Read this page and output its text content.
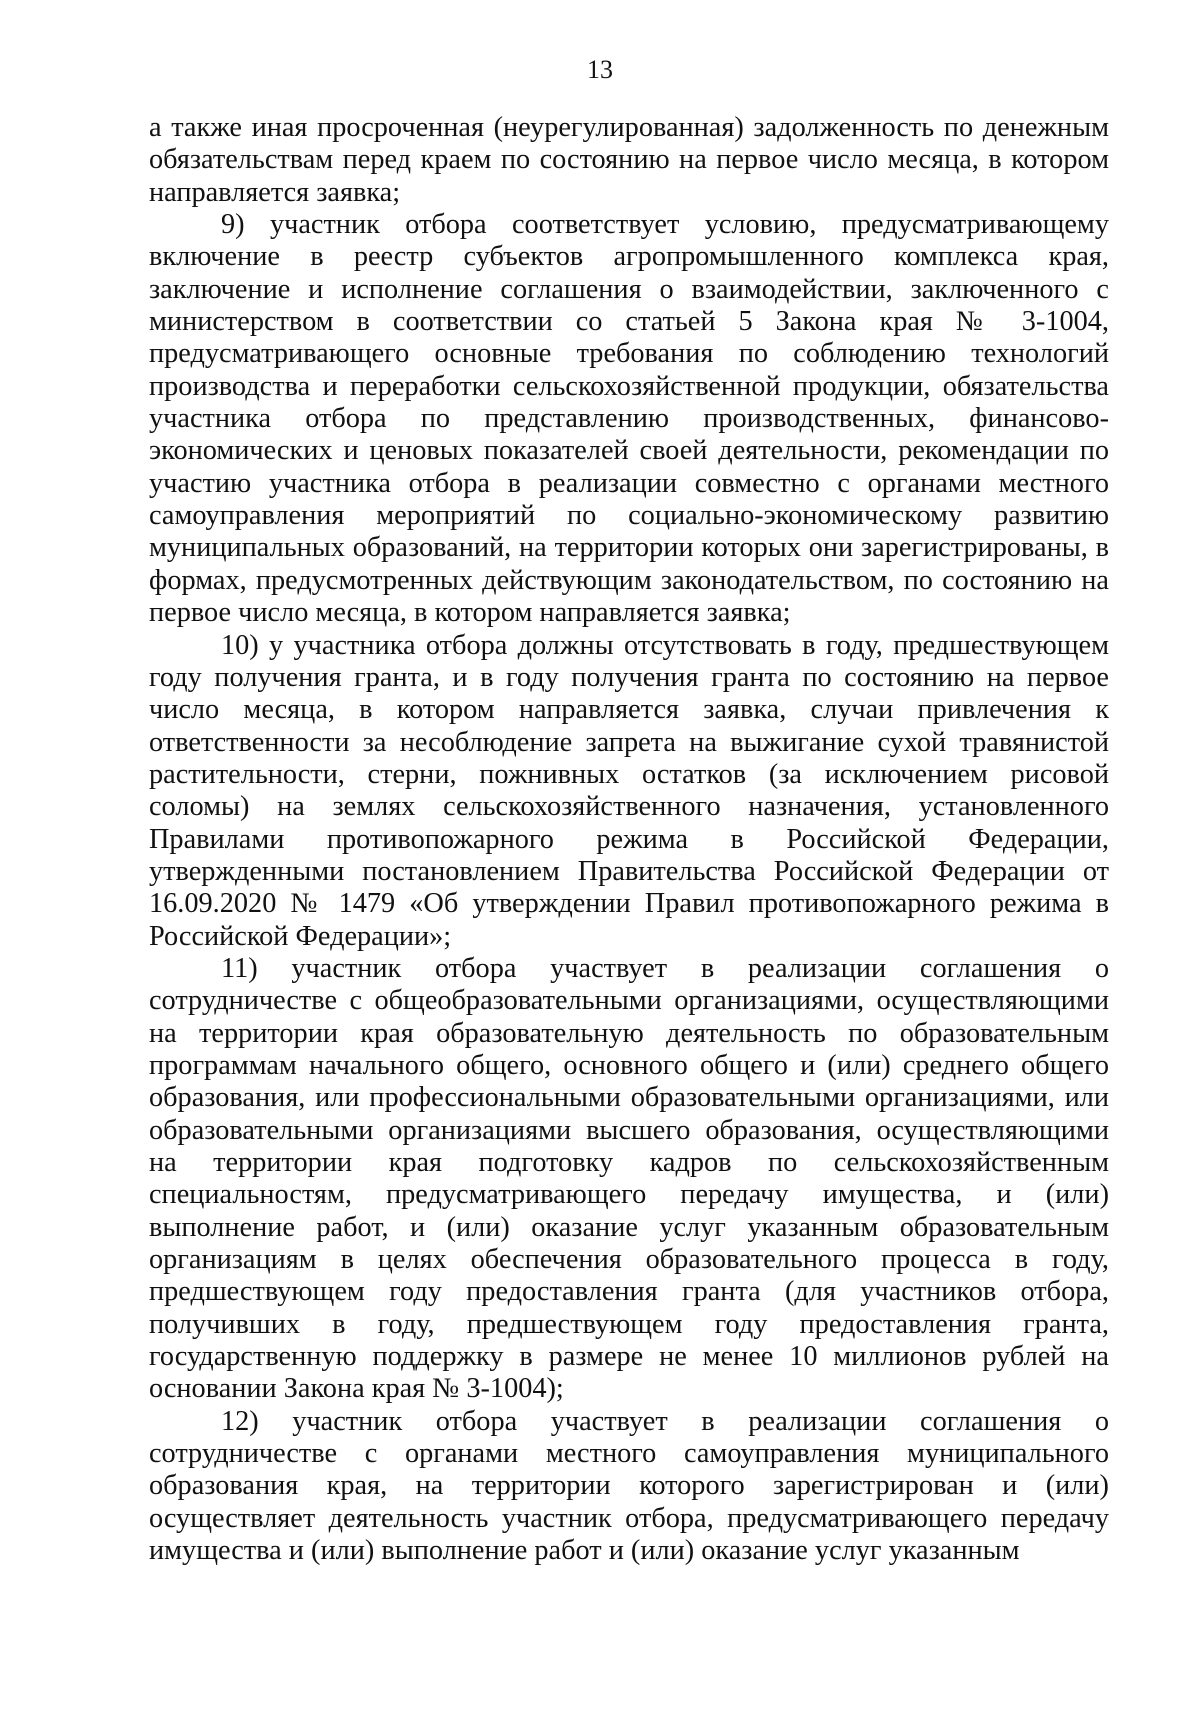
13

а также иная просроченная (неурегулированная) задолженность по денежным обязательствам перед краем по состоянию на первое число месяца, в котором направляется заявка;

9) участник отбора соответствует условию, предусматривающему включение в реестр субъектов агропромышленного комплекса края, заключение и исполнение соглашения о взаимодействии, заключенного с министерством в соответствии со статьей 5 Закона края № 3-1004, предусматривающего основные требования по соблюдению технологий производства и переработки сельскохозяйственной продукции, обязательства участника отбора по представлению производственных, финансово-экономических и ценовых показателей своей деятельности, рекомендации по участию участника отбора в реализации совместно с органами местного самоуправления мероприятий по социально-экономическому развитию муниципальных образований, на территории которых они зарегистрированы, в формах, предусмотренных действующим законодательством, по состоянию на первое число месяца, в котором направляется заявка;

10) у участника отбора должны отсутствовать в году, предшествующем году получения гранта, и в году получения гранта по состоянию на первое число месяца, в котором направляется заявка, случаи привлечения к ответственности за несоблюдение запрета на выжигание сухой травянистой растительности, стерни, пожнивных остатков (за исключением рисовой соломы) на землях сельскохозяйственного назначения, установленного Правилами противопожарного режима в Российской Федерации, утвержденными постановлением Правительства Российской Федерации от 16.09.2020 № 1479 «Об утверждении Правил противопожарного режима в Российской Федерации»;

11) участник отбора участвует в реализации соглашения о сотрудничестве с общеобразовательными организациями, осуществляющими на территории края образовательную деятельность по образовательным программам начального общего, основного общего и (или) среднего общего образования, или профессиональными образовательными организациями, или образовательными организациями высшего образования, осуществляющими на территории края подготовку кадров по сельскохозяйственным специальностям, предусматривающего передачу имущества, и (или) выполнение работ, и (или) оказание услуг указанным образовательным организациям в целях обеспечения образовательного процесса в году, предшествующем году предоставления гранта (для участников отбора, получивших в году, предшествующем году предоставления гранта, государственную поддержку в размере не менее 10 миллионов рублей на основании Закона края № 3-1004);

12) участник отбора участвует в реализации соглашения о сотрудничестве с органами местного самоуправления муниципального образования края, на территории которого зарегистрирован и (или) осуществляет деятельность участник отбора, предусматривающего передачу имущества и (или) выполнение работ и (или) оказание услуг указанным
